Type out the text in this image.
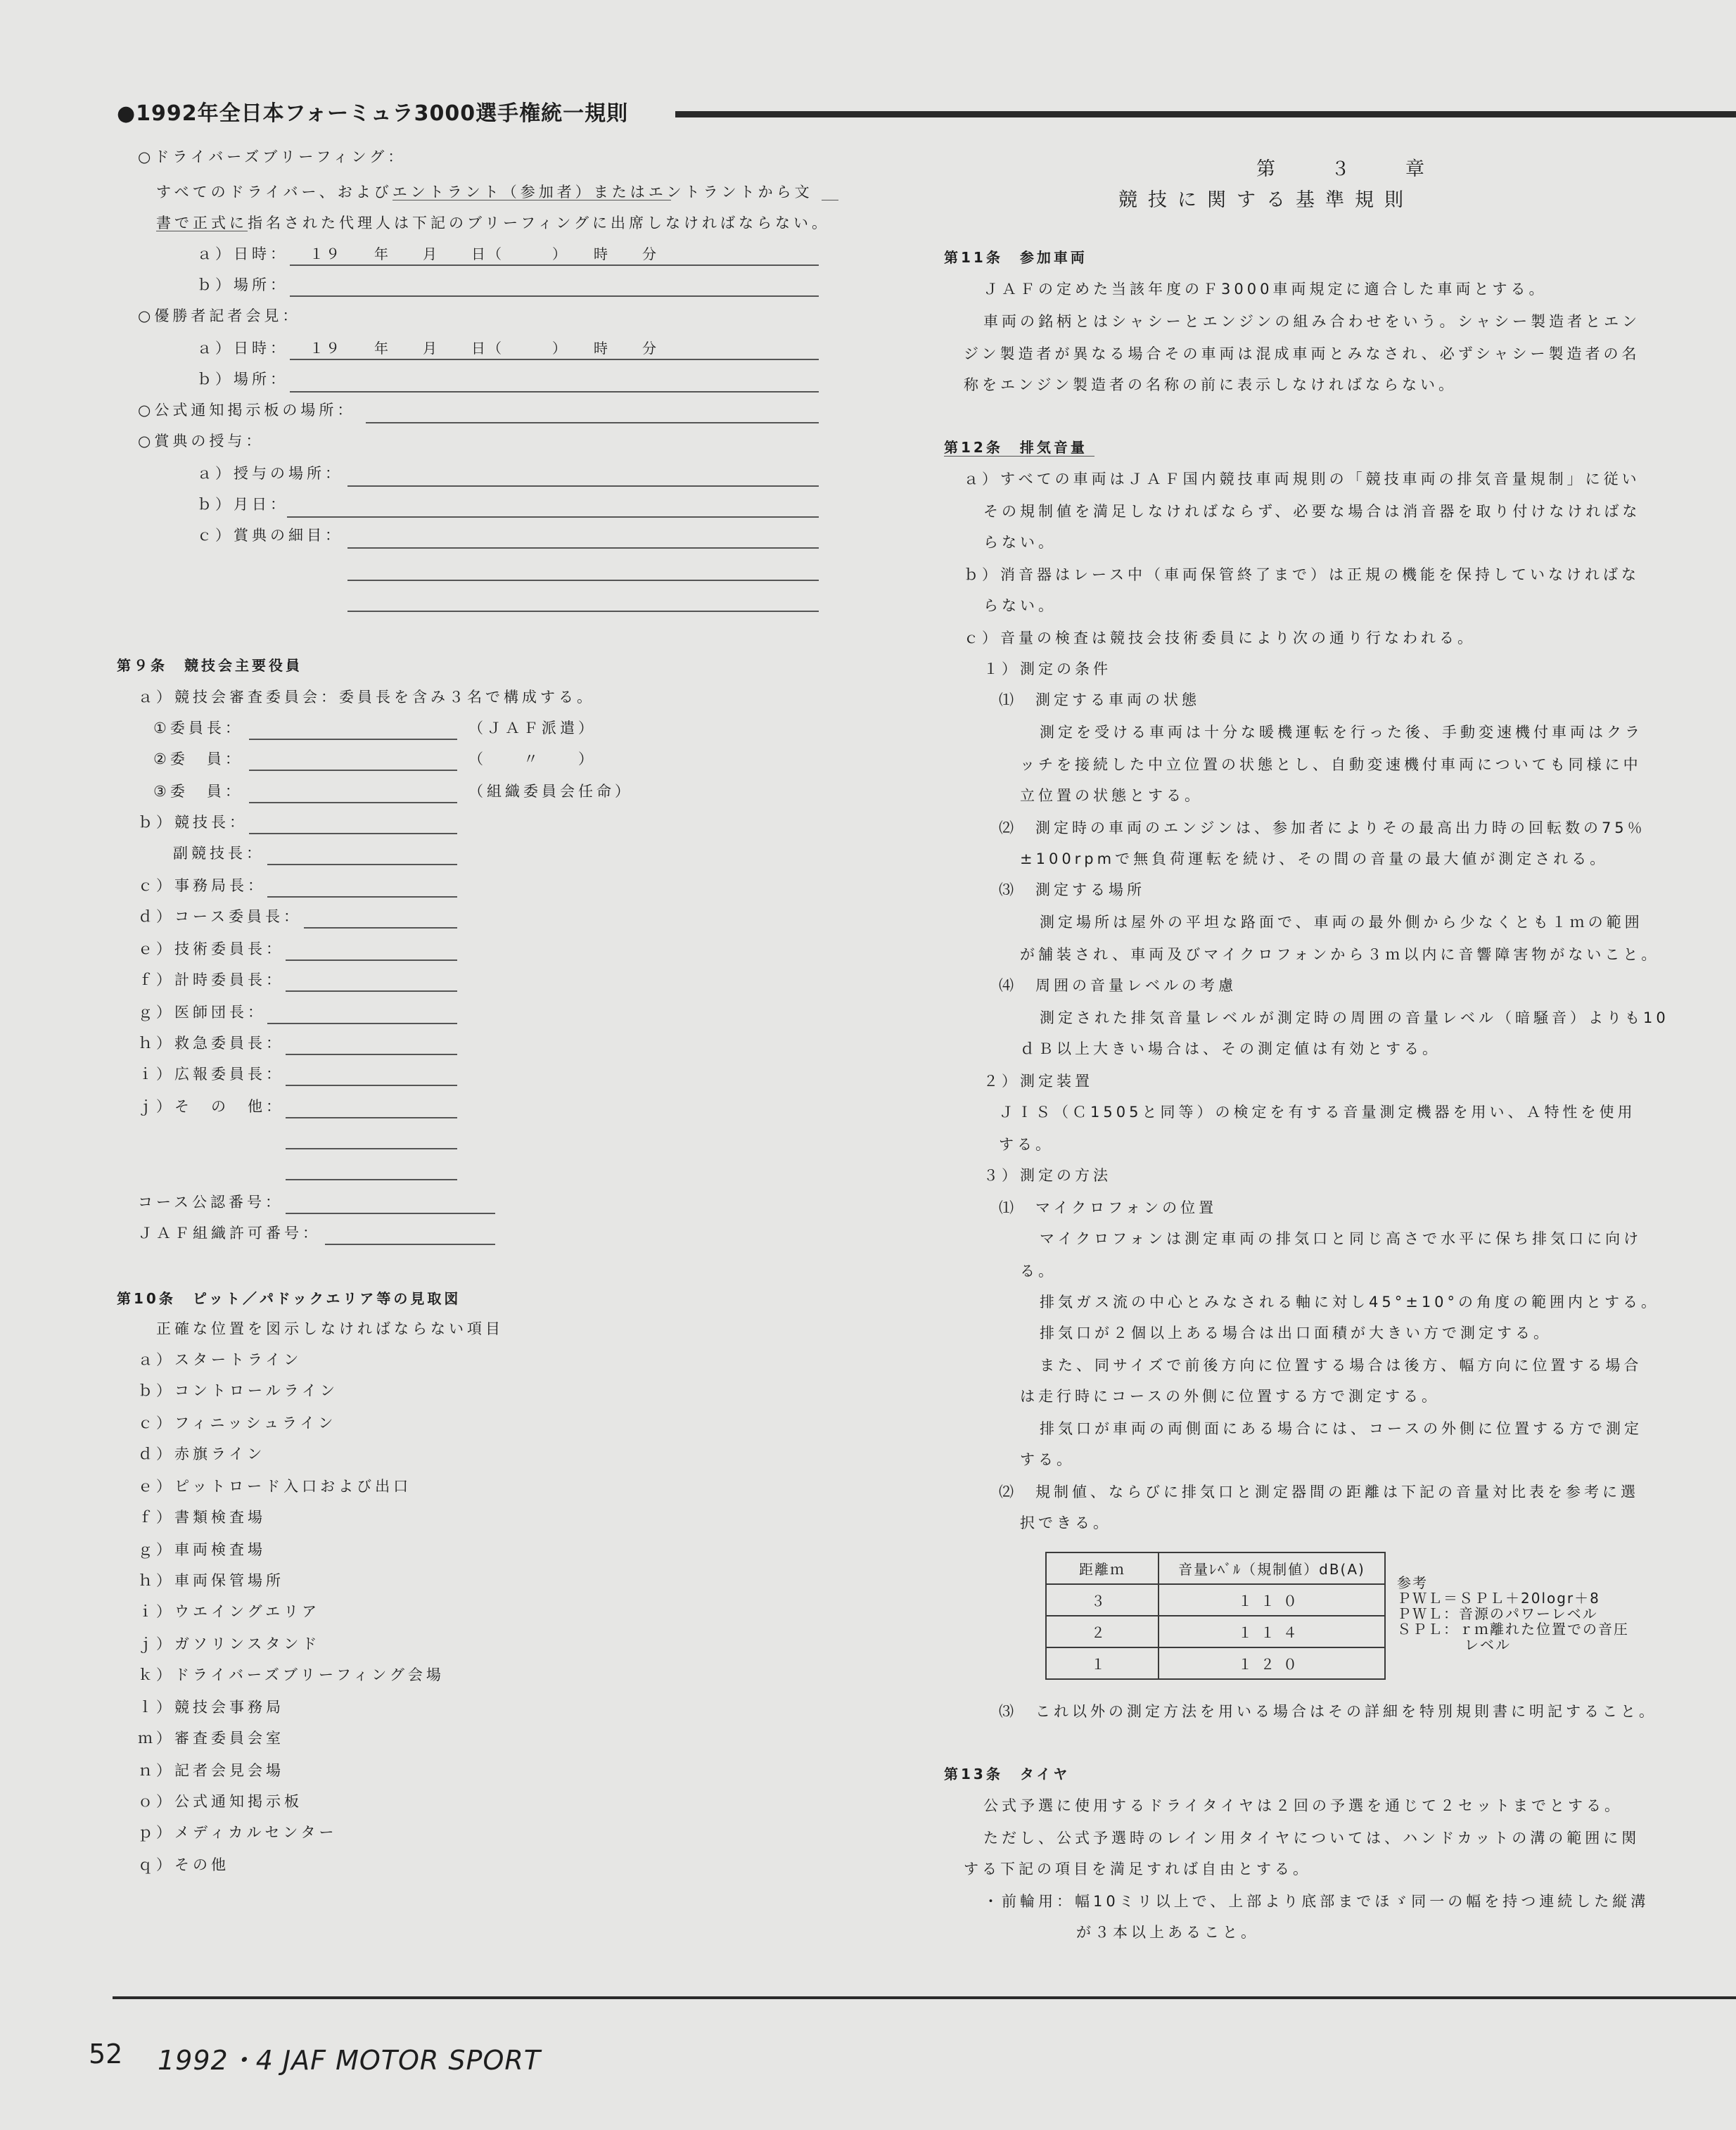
●1992年全日本フォーミュラ3000選手権統一規則
○ドライバーズブリーフィング：
すべてのドライバー、およびエントラント（参加者）またはエントラントから文
書で正式に指名された代理人は下記のブリーフィングに出席しなければならない。
ａ）日時： １９　　年　　月　　日（　　　）　　時　　分
ｂ）場所：
○優勝者記者会見：
ａ）日時： １９　　年　　月　　日（　　　）　　時　　分
ｂ）場所：
○公式通知掲示板の場所：
○賞典の授与：
ａ）授与の場所：
ｂ）月日：
ｃ）賞典の細目：
第９条　競技会主要役員
ａ）競技会審査委員会：委員長を含み３名で構成する。
①委員長：	（ＪＡＦ派遣）
②委　員：	（　　〃　　）
③委　員：	（組織委員会任命）
ｂ）競技長：
副競技長：
ｃ）事務局長：
ｄ）コース委員長：
ｅ）技術委員長：
ｆ）計時委員長：
ｇ）医師団長：
ｈ）救急委員長：
ｉ）広報委員長：
ｊ）そ　の　他：
コース公認番号：
ＪＡＦ組織許可番号：
第10条　ピット／パドックエリア等の見取図
正確な位置を図示しなければならない項目
ａ）スタートライン
ｂ）コントロールライン
ｃ）フィニッシュライン
ｄ）赤旗ライン
ｅ）ピットロード入口および出口
ｆ）書類検査場
ｇ）車両検査場
ｈ）車両保管場所
ｉ）ウエイングエリア
ｊ）ガソリンスタンド
ｋ）ドライバーズブリーフィング会場
ｌ）競技会事務局
ｍ）審査委員会室
ｎ）記者会見会場
ｏ）公式通知掲示板
ｐ）メディカルセンター
ｑ）その他
第　３　章
競技に関する基準規則
第11条　参加車両
ＪＡＦの定めた当該年度のＦ3000車両規定に適合した車両とする。
車両の銘柄とはシャシーとエンジンの組み合わせをいう。シャシー製造者とエン
ジン製造者が異なる場合その車両は混成車両とみなされ、必ずシャシー製造者の名
称をエンジン製造者の名称の前に表示しなければならない。
第12条　排気音量
ａ）すべての車両はＪＡＦ国内競技車両規則の「競技車両の排気音量規制」に従い
その規制値を満足しなければならず、必要な場合は消音器を取り付けなければな
らない。
ｂ）消音器はレース中（車両保管終了まで）は正規の機能を保持していなければな
らない。
ｃ）音量の検査は競技会技術委員により次の通り行なわれる。
１）測定の条件
⑴　測定する車両の状態
測定を受ける車両は十分な暖機運転を行った後、手動変速機付車両はクラ
ッチを接続した中立位置の状態とし、自動変速機付車両についても同様に中
立位置の状態とする。
⑵　測定時の車両のエンジンは、参加者によりその最高出力時の回転数の75％
±100rpmで無負荷運転を続け、その間の音量の最大値が測定される。
⑶　測定する場所
測定場所は屋外の平坦な路面で、車両の最外側から少なくとも１ｍの範囲
が舗装され、車両及びマイクロフォンから３ｍ以内に音響障害物がないこと。
⑷　周囲の音量レベルの考慮
測定された排気音量レベルが測定時の周囲の音量レベル（暗騒音）よりも10
ｄＢ以上大きい場合は、その測定値は有効とする。
２）測定装置
ＪＩＳ（Ｃ1505と同等）の検定を有する音量測定機器を用い、Ａ特性を使用
する。
３）測定の方法
⑴　マイクロフォンの位置
マイクロフォンは測定車両の排気口と同じ高さで水平に保ち排気口に向け
る。
排気ガス流の中心とみなされる軸に対し45°±10°の角度の範囲内とする。
排気口が２個以上ある場合は出口面積が大きい方で測定する。
また、同サイズで前後方向に位置する場合は後方、幅方向に位置する場合
は走行時にコースの外側に位置する方で測定する。
排気口が車両の両側面にある場合には、コースの外側に位置する方で測定
する。
⑵　規制値、ならびに排気口と測定器間の距離は下記の音量対比表を参考に選
択できる。
距離ｍ	音量ﾚﾍﾞﾙ（規制値）dB(A)
３	１１０
２	１１４
１	１２０
参考
ＰＷＬ＝ＳＰＬ＋20logr＋8
ＰＷＬ：音源のパワーレベル
ＳＰＬ：ｒｍ離れた位置での音圧
レベル
⑶　これ以外の測定方法を用いる場合はその詳細を特別規則書に明記すること。
第13条　タイヤ
公式予選に使用するドライタイヤは２回の予選を通じて２セットまでとする。
ただし、公式予選時のレイン用タイヤについては、ハンドカットの溝の範囲に関
する下記の項目を満足すれば自由とする。
・前輪用：幅10ミリ以上で、上部より底部までほゞ同一の幅を持つ連続した縦溝
が３本以上あること。
52 1992・4 JAF MOTOR SPORT
